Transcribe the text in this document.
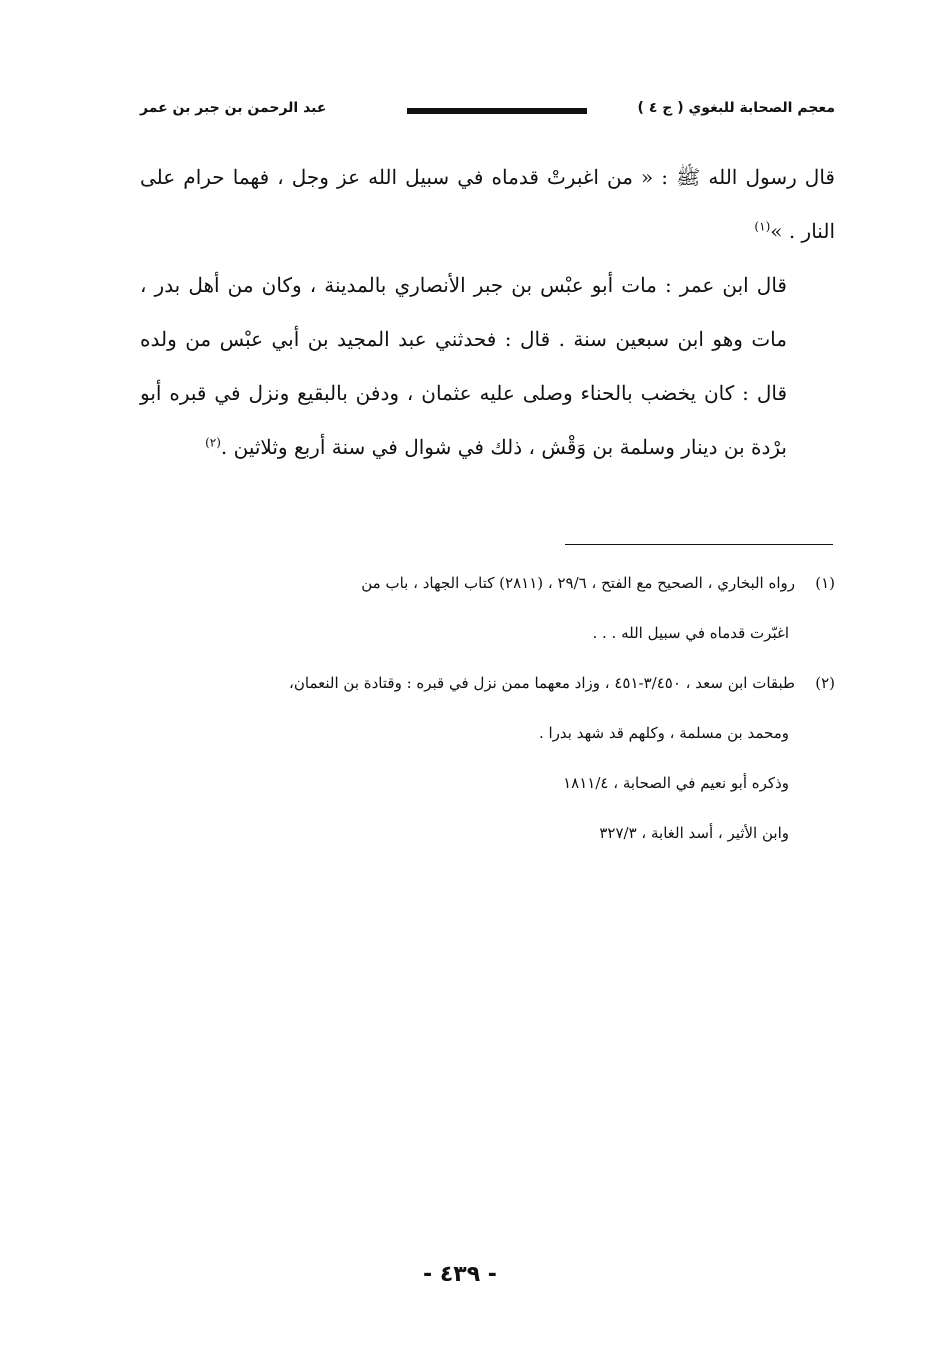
معجم الصحابة للبغوي ( ج ٤ )
عبد الرحمن بن جبر بن عمر

قال رسول الله ﷺ : « من اغبرتْ قدماه في سبيل الله عز وجل ، فهما حرام على النار . »$^{(١)}$

قال ابن عمر : مات أبو عبْس بن جبر الأنصاري بالمدينة ، وكان من أهل بدر ، مات وهو ابن سبعين سنة . قال : فحدثني عبد المجيد بن أبي عبْس من ولده قال : كان يخضب بالحناء وصلى عليه عثمان ، ودفن بالبقيع ونزل في قبره أبو برْدة بن دينار وسلمة بن وَقْش ، ذلك في شوال في سنة أربع وثلاثين .$^{(٢)}$

(١)رواه البخاري ، الصحيح مع الفتح ، ٢٩/٦ ، (٢٨١١) كتاب الجهاد ، باب من
اغبّرت قدماه في سبيل الله . . .
(٢)طبقات ابن سعد ، ٣/٤٥٠-٤٥١ ، وزاد معهما ممن نزل في قبره : وقتادة بن النعمان،
ومحمد بن مسلمة ، وكلهم قد شهد بدرا .
وذكره أبو نعيم في الصحابة ، ١٨١١/٤
وابن الأثير ، أسد الغابة ، ٣٢٧/٣
- ٤٣٩ -
